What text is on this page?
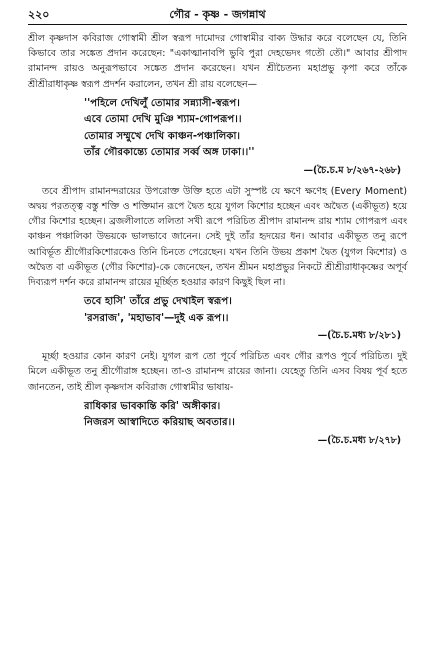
২২০	গৌর - কৃষ্ণ - জগন্নাথ

শ্রীল কৃষ্ণদাস কবিরাজ গোস্বামী শ্রীল স্বরূপ দামোদর গোস্বামীর বাক্য উদ্ধার করে বলেছেন যে, তিনি কিভাবে তার সঙ্কেত প্রদান করেছেন: "একাত্মানাবপি ভুবি পুরা দেহভেদং গতৌ তৌ।" আবার শ্রীপাদ রামানন্দ রায়ও অনুরূপভাবে সঙ্কেত প্রদান করেছেন। যখন শ্রীচৈতন্য মহাপ্রভু কৃপা করে তাঁকে শ্রীশ্রীরাধাকৃষ্ণ স্বরূপ প্রদর্শন করালেন, তখন শ্রী রায় বলেছেন—

''পহিলে দেখিলুঁ তোমার সন্ন্যাসী-স্বরূপ।
এবে তোমা দেখি মুঞি শ্যাম-গোপরূপ।।
তোমার সম্মুখে দেখি কাঞ্চন-পঞ্চালিকা।
তাঁর গৌরকান্ত্যে তোমার সর্ব্ব অঙ্গ ঢাকা।।''
—(চৈ.চ.ম ৮/২৬৭-২৬৮)

তবে শ্রীপাদ রামানন্দরায়ের উপরোক্ত উক্তি হতে এটা সুস্পষ্ট যে ক্ষণে ক্ষণেহ (Every Moment) অদ্বয় পরতত্ত্ব বস্তু শক্তি ও শক্তিমান রূপে দ্বৈত হয়ে যুগল কিশোর হচ্ছেন এবং অদ্বৈত (একীভূত) হয়ে গৌর কিশোর হচ্ছেন। ব্রজলীলাতে ললিতা সখী রূপে পরিচিত শ্রীপাদ রামানন্দ রায় শ্যাম গোপরূপ এবং কাঞ্চন পঞ্চালিকা উভয়কে ভালভাবে জানেন। সেই দুই তাঁর হৃদয়ের ধন। আবার একীভূত তনু রূপে আবির্ভূত শ্রীগৌরকিশোরকেও তিনি চিনতে পেরেছেন। যখন তিনি উভয় প্রকাশ দ্বৈত (যুগল কিশোর) ও অদ্বৈত বা একীভূত (গৌর কিশোর)-কে জেনেছেন, তখন শ্রীমন মহাপ্রভুর নিকটে শ্রীশ্রীরাধাকৃষ্ণের অপূর্ব দিব্যরূপ দর্শন করে রামানন্দ রায়ের মূর্চ্ছিত হওয়ার কারণ কিছুই ছিল না।

তবে হাসি' তাঁরে প্রভু দেখাইল স্বরূপ।
'রসরাজ', 'মহাভাব'—দুই এক রূপ।।
—(চৈ.চ.মধ্য ৮/২৮১)

মূর্চ্ছা হওয়ার কোন কারণ নেই। যুগল রূপ তো পূর্বে পরিচিত এবং গৌর রূপও পূর্বে পরিচিত। দুই মিলে একীভূত তনু শ্রীগৌরাঙ্গ হচ্ছেন। তা-ও রামানন্দ রায়ের জানা। যেহেতু তিনি এসব বিষয় পূর্ব হতে জানতেন, তাই শ্রীল কৃষ্ণদাস কবিরাজ গোস্বামীর ভাষায়-

রাধিকার ভাবকান্তি করি' অঙ্গীকার।
নিজরস আস্বাদিতে করিয়াছ অবতার।।
—(চৈ.চ.মধ্য ৮/২৭৮)
